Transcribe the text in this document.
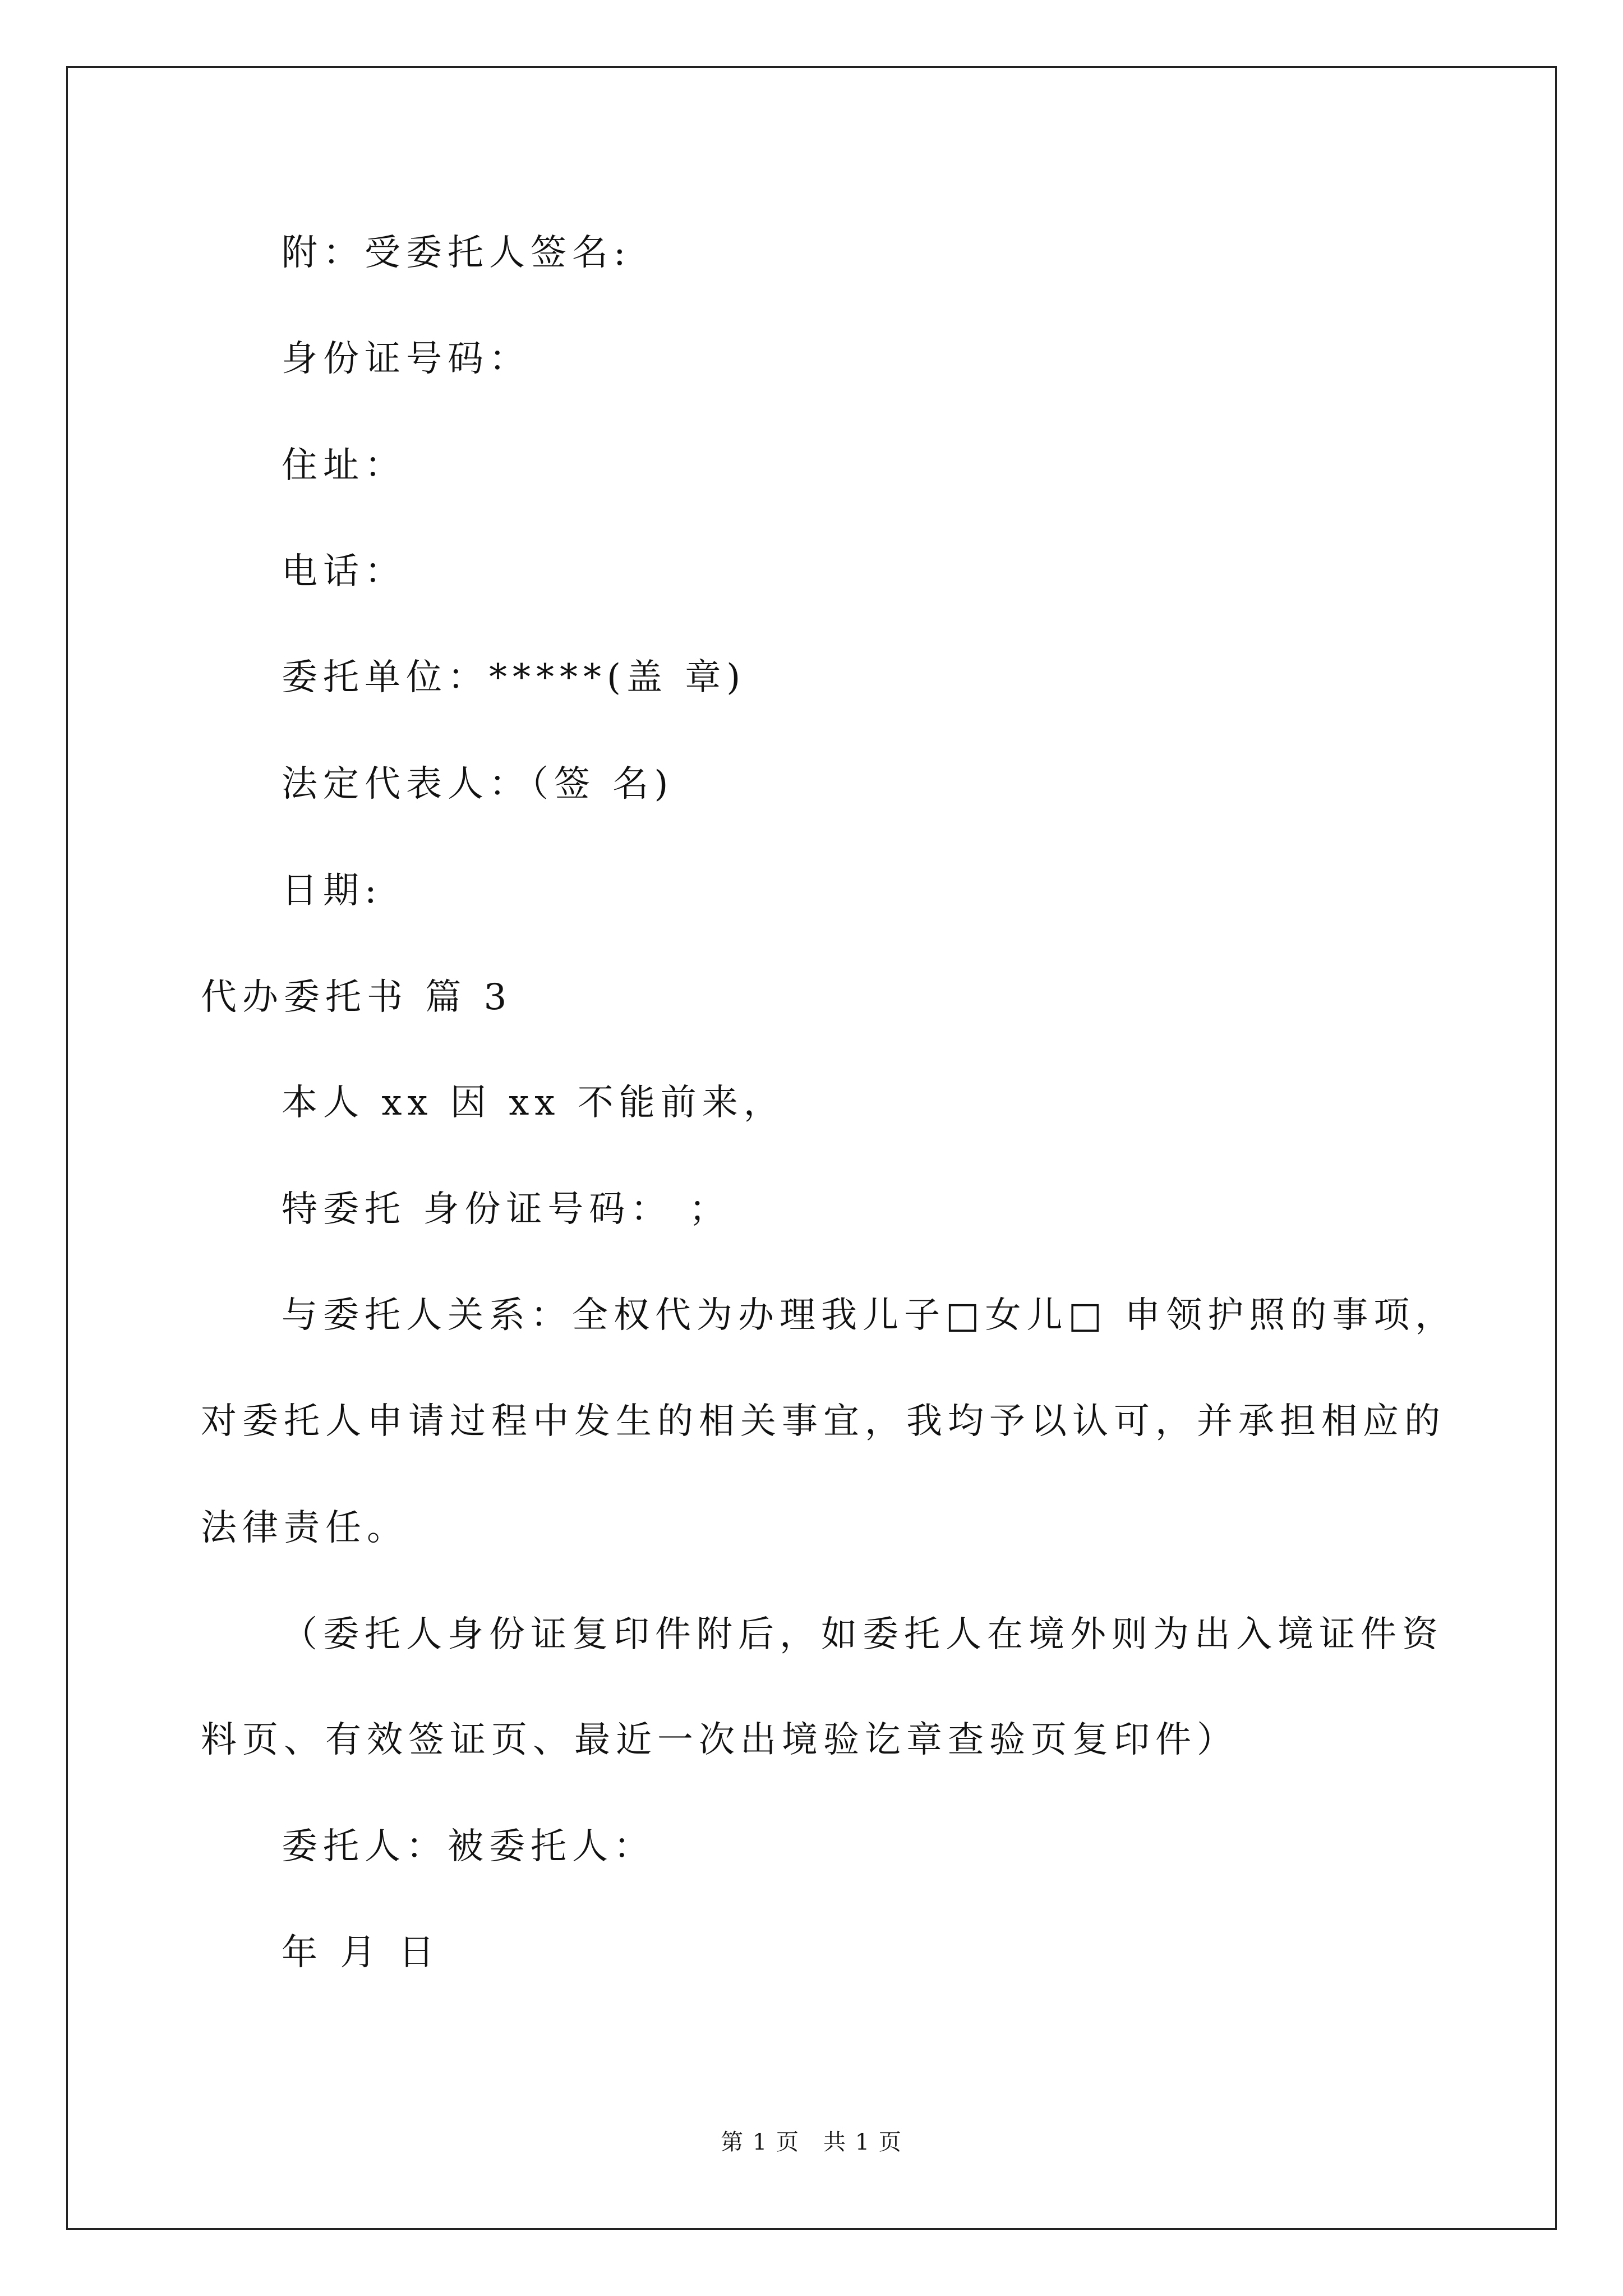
附：受委托人签名:
身份证号码：
住址：
电话：
委托单位：*****(盖 章)
法定代表人：（签 名)
日期:
代办委托书 篇 3
本人 xx 因 xx 不能前来，
特委托 身份证号码： ；
与委托人关系：全权代为办理我儿子□女儿□ 申领护照的事项，
对委托人申请过程中发生的相关事宜，我均予以认可，并承担相应的
法律责任。
（委托人身份证复印件附后，如委托人在境外则为出入境证件资
料页、有效签证页、最近一次出境验讫章查验页复印件）
委托人：被委托人：
年 月 日
第 1 页　共 1 页
